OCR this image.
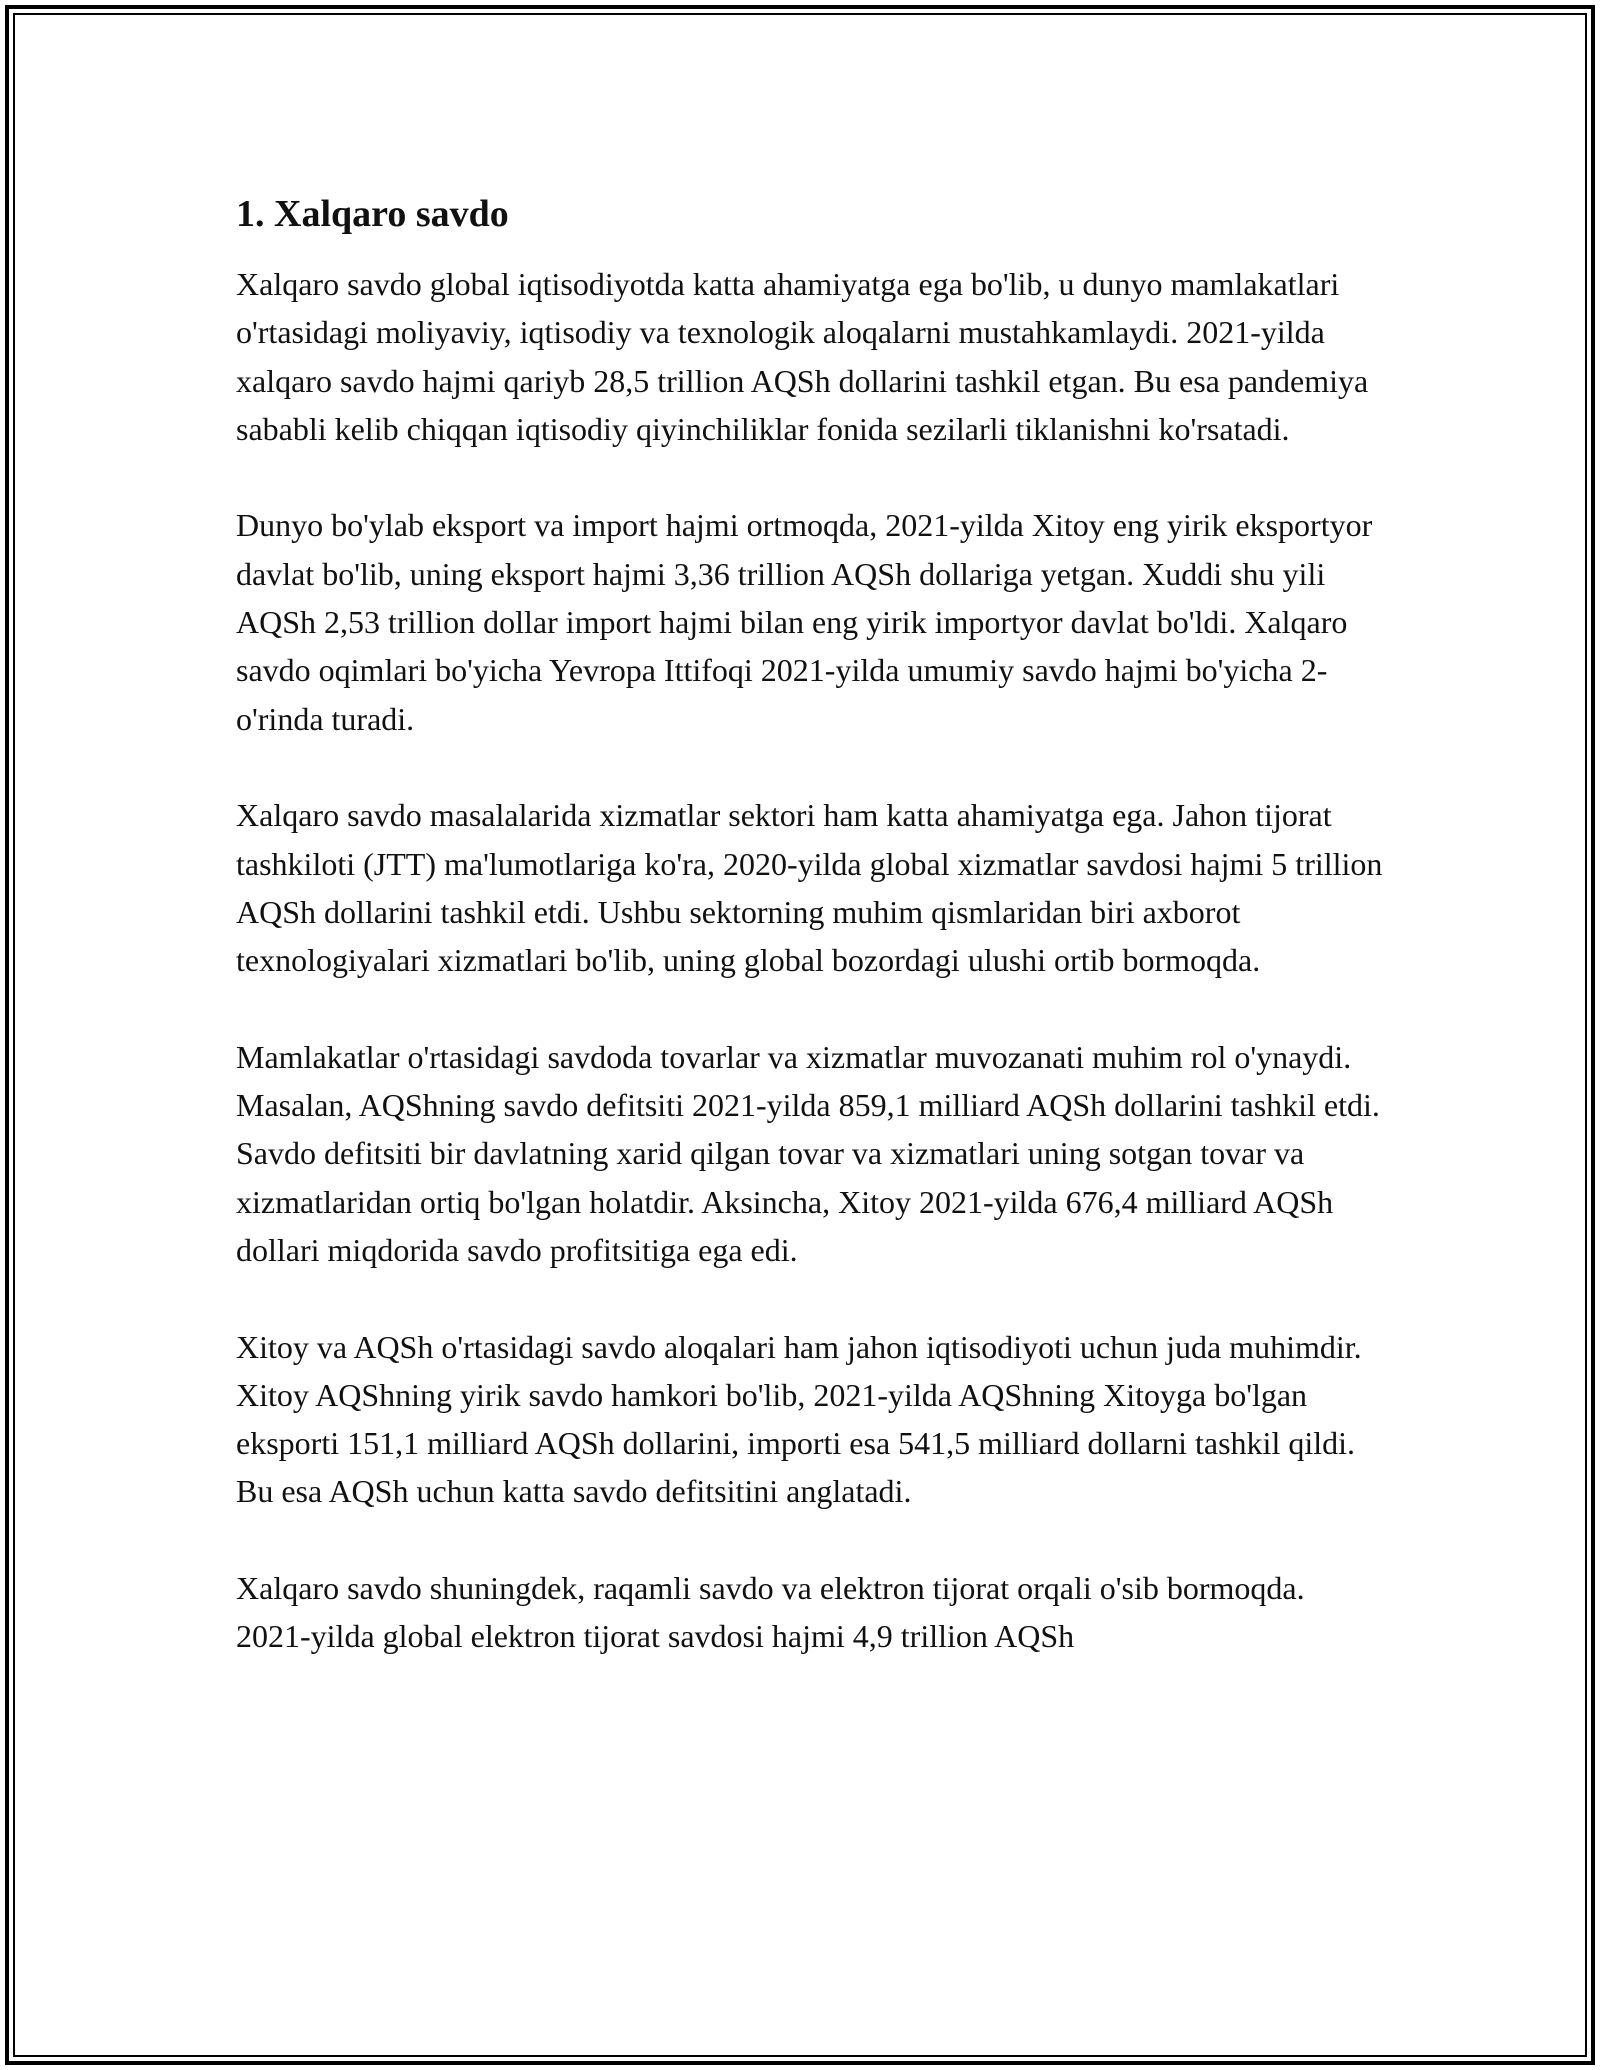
1. Xalqaro savdo

Xalqaro savdo global iqtisodiyotda katta ahamiyatga ega bo'lib, u dunyo mamlakatlari o'rtasidagi moliyaviy, iqtisodiy va texnologik aloqalarni mustahkamlaydi. 2021-yilda xalqaro savdo hajmi qariyb 28,5 trillion AQSh dollarini tashkil etgan. Bu esa pandemiya sababli kelib chiqqan iqtisodiy qiyinchiliklar fonida sezilarli tiklanishni ko'rsatadi.

Dunyo bo'ylab eksport va import hajmi ortmoqda, 2021-yilda Xitoy eng yirik eksportyor davlat bo'lib, uning eksport hajmi 3,36 trillion AQSh dollariga yetgan. Xuddi shu yili AQSh 2,53 trillion dollar import hajmi bilan eng yirik importyor davlat bo'ldi. Xalqaro savdo oqimlari bo'yicha Yevropa Ittifoqi 2021-yilda umumiy savdo hajmi bo'yicha 2-o'rinda turadi.

Xalqaro savdo masalalarida xizmatlar sektori ham katta ahamiyatga ega. Jahon tijorat tashkiloti (JTT) ma'lumotlariga ko'ra, 2020-yilda global xizmatlar savdosi hajmi 5 trillion AQSh dollarini tashkil etdi. Ushbu sektorning muhim qismlaridan biri axborot texnologiyalari xizmatlari bo'lib, uning global bozordagi ulushi ortib bormoqda.

Mamlakatlar o'rtasidagi savdoda tovarlar va xizmatlar muvozanati muhim rol o'ynaydi. Masalan, AQShning savdo defitsiti 2021-yilda 859,1 milliard AQSh dollarini tashkil etdi. Savdo defitsiti bir davlatning xarid qilgan tovar va xizmatlari uning sotgan tovar va xizmatlaridan ortiq bo'lgan holatdir. Aksincha, Xitoy 2021-yilda 676,4 milliard AQSh dollari miqdorida savdo profitsitiga ega edi.

Xitoy va AQSh o'rtasidagi savdo aloqalari ham jahon iqtisodiyoti uchun juda muhimdir. Xitoy AQShning yirik savdo hamkori bo'lib, 2021-yilda AQShning Xitoyga bo'lgan eksporti 151,1 milliard AQSh dollarini, importi esa 541,5 milliard dollarni tashkil qildi. Bu esa AQSh uchun katta savdo defitsitini anglatadi.

Xalqaro savdo shuningdek, raqamli savdo va elektron tijorat orqali o'sib bormoqda. 2021-yilda global elektron tijorat savdosi hajmi 4,9 trillion AQSh
